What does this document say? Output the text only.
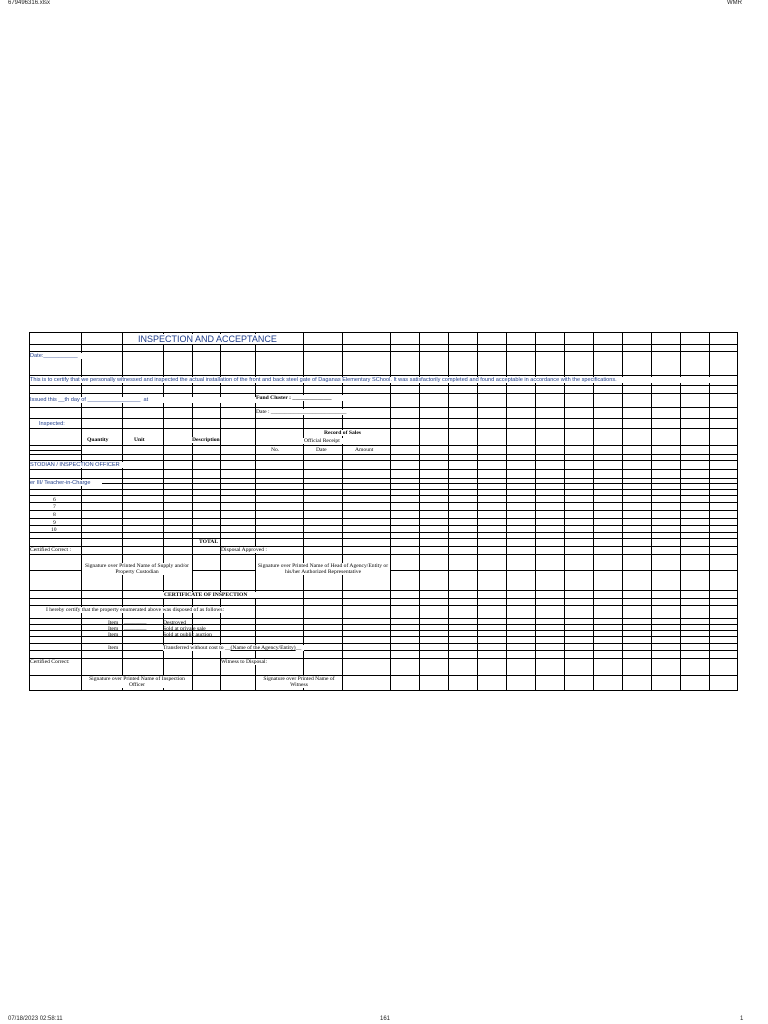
679496316.xlsx	WMR
INSPECTION AND ACCEPTANCE
Date:___________
This is to certify that we personally witnessed and inspected the actual installation of the front and back steel gate of Daganas Elementary SChool. It was satisfactorily completed and found acceptable in accordance with the specifications.
Issued this __th day of _________________  at	Fund Cluster : ______________
Date : ___________________________
Inspected:
Quantity	Unit	Description
Record of Sales
Official Receipt
No.	Date	Amount
STODIAN / INSPECTION OFFICER
er III/ Teacher-in-Charge
6
7
8
9
10
TOTAL
Certified Correct :	Disposal Approved :
Signature over Printed Name of Supply and/or Property Custodian
Signature over Printed Name of Head of Agency/Entity or his/her Authorized Representative
CERTIFICATE OF INSPECTION
I hereby certify that the property enumerated above was disposed of as follows:
Item ________	Destroyed
Item ________	Sold at private sale
Item	Sold at public auction
Item	Transferred without cost to __(Name of the Agency/Entity)__
Certified Correct:	Witness to Disposal:
Signature over Printed Name of Inspection Officer
Signature over Printed Name of Witness
07/18/2023 02:58:11	161	1
